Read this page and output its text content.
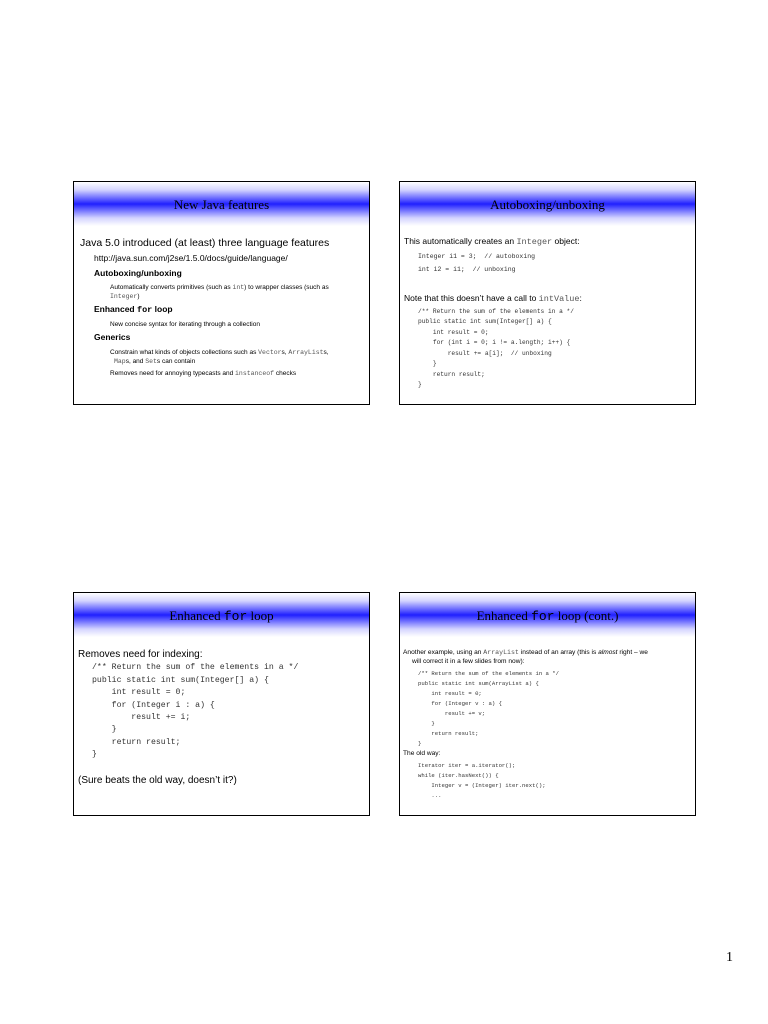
New Java features
Java 5.0 introduced (at least) three language features
http://java.sun.com/j2se/1.5.0/docs/guide/language/
Autoboxing/unboxing
Automatically converts primitives (such as int) to wrapper classes (such as
Integer)
Enhanced for loop
New concise syntax for iterating through a collection
Generics
Constrain what kinds of objects collections such as Vectors, ArrayLists,
Maps, and Sets can contain
Removes need for annoying typecasts and instanceof checks
Autoboxing/unboxing
This automatically creates an Integer object:
Integer i1 = 3;  // autoboxing
int i2 = i1;  // unboxing
Note that this doesn’t have a call to intValue:
/** Return the sum of the elements in a */
public static int sum(Integer[] a) {
int result = 0;
for (int i = 0; i != a.length; i++) {
result += a[i];  // unboxing
}
return result;
}
Enhanced for loop
Removes need for indexing:
/** Return the sum of the elements in a */
public static int sum(Integer[] a) {
int result = 0;
for (Integer i : a) {
result += i;
}
return result;
}
(Sure beats the old way, doesn’t it?)
Enhanced for loop (cont.)
Another example, using an ArrayList instead of an array (this is almost right – we
will correct it in a few slides from now):
/** Return the sum of the elements in a */
public static int sum(ArrayList a) {
int result = 0;
for (Integer v : a) {
result += v;
}
return result;
}
The old way:
Iterator iter = a.iterator();
while (iter.hasNext()) {
Integer v = (Integer) iter.next();
...
1
